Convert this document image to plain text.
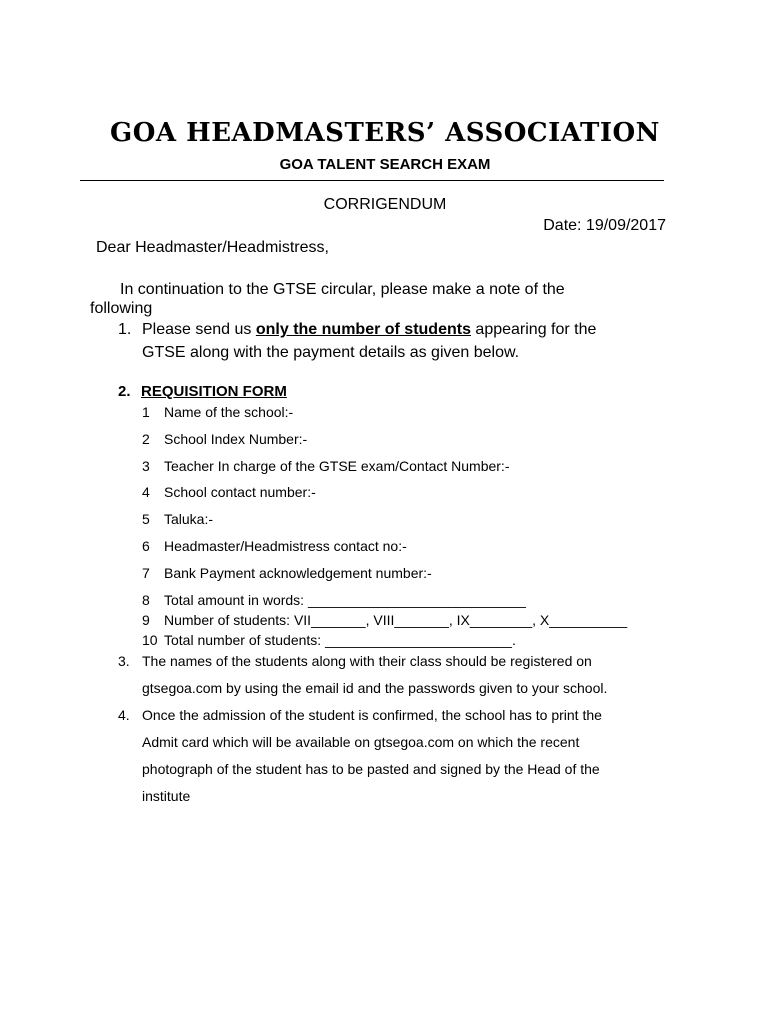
GOA HEADMASTERS’ ASSOCIATION
GOA TALENT SEARCH EXAM
CORRIGENDUM
Date: 19/09/2017
Dear Headmaster/Headmistress,
In continuation to the GTSE circular, please make a note of the
following
1. Please send us only the number of students appearing for the
GTSE along with the payment details as given below.
2. REQUISITION FORM
1 Name of the school:-
2 School Index Number:-
3 Teacher In charge of the GTSE exam/Contact Number:-
4 School contact number:-
5 Taluka:-
6 Headmaster/Headmistress contact no:-
7 Bank Payment acknowledgement number:-
8 Total amount in words: ____________________________
9 Number of students: VII_______, VIII_______, IX________, X__________
10 Total number of students: ________________________.
3. The names of the students along with their class should be registered on
gtsegoa.com by using the email id and the passwords given to your school.
4. Once the admission of the student is confirmed, the school has to print the
Admit card which will be available on gtsegoa.com on which the recent
photograph of the student has to be pasted and signed by the Head of the
institute
